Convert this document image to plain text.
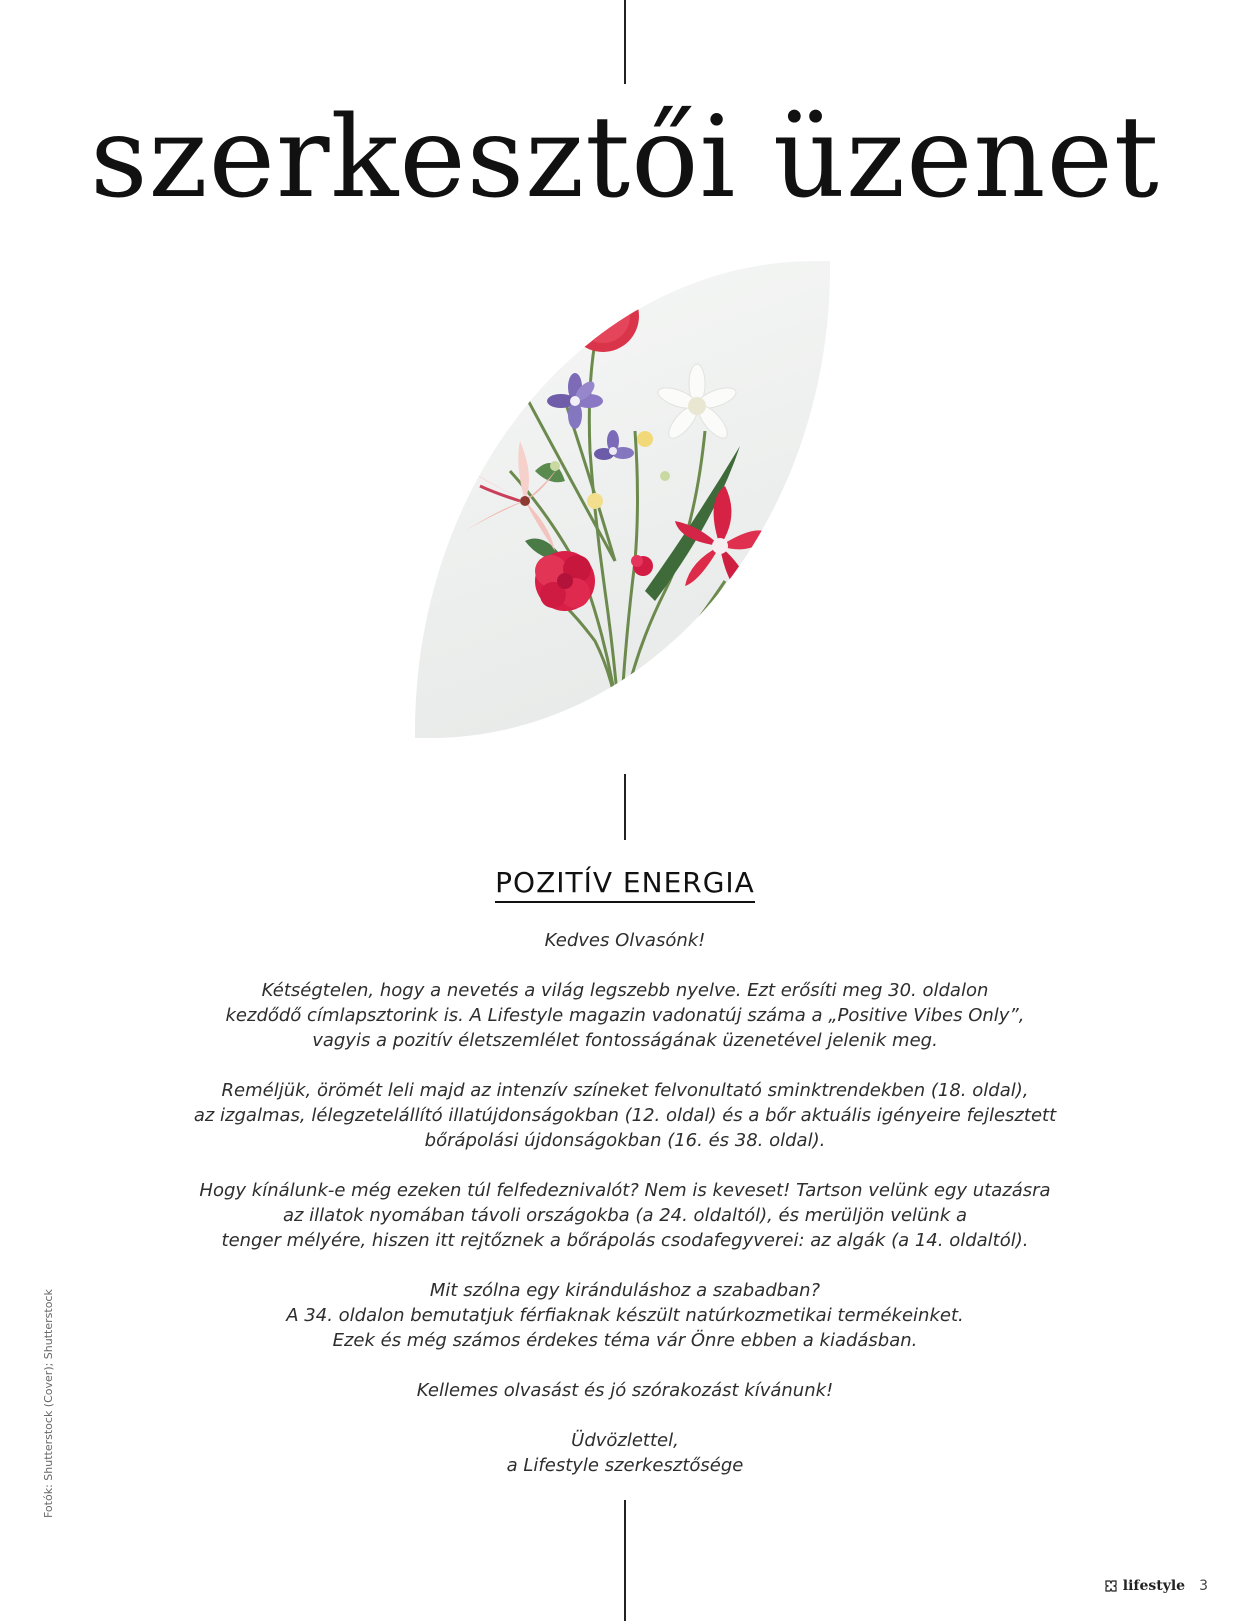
szerkesztői üzenet
POZITÍV ENERGIA

Kedves Olvasónk!

Kétségtelen, hogy a nevetés a világ legszebb nyelve. Ezt erősíti meg 30. oldalon
kezdődő címlapsztorink is. A Lifestyle magazin vadonatúj száma a „Positive Vibes Only”,
vagyis a pozitív életszemlélet fontosságának üzenetével jelenik meg.

Reméljük, örömét leli majd az intenzív színeket felvonultató sminktrendekben (18. oldal),
az izgalmas, lélegzetelállító illatújdonságokban (12. oldal) és a bőr aktuális igényeire fejlesztett
bőrápolási újdonságokban (16. és 38. oldal).

Hogy kínálunk-e még ezeken túl felfedeznivalót? Nem is keveset! Tartson velünk egy utazásra
az illatok nyomában távoli országokba (a 24. oldaltól), és merüljön velünk a
tenger mélyére, hiszen itt rejtőznek a bőrápolás csodafegyverei: az algák (a 14. oldaltól).

Mit szólna egy kiránduláshoz a szabadban?
A 34. oldalon bemutatjuk férfiaknak készült natúrkozmetikai termékeinket.
Ezek és még számos érdekes téma vár Önre ebben a kiadásban.

Kellemes olvasást és jó szórakozást kívánunk!

Üdvözlettel,
a Lifestyle szerkesztősége

Fotók: Shutterstock (Cover); Shutterstock
lifestyle 3
